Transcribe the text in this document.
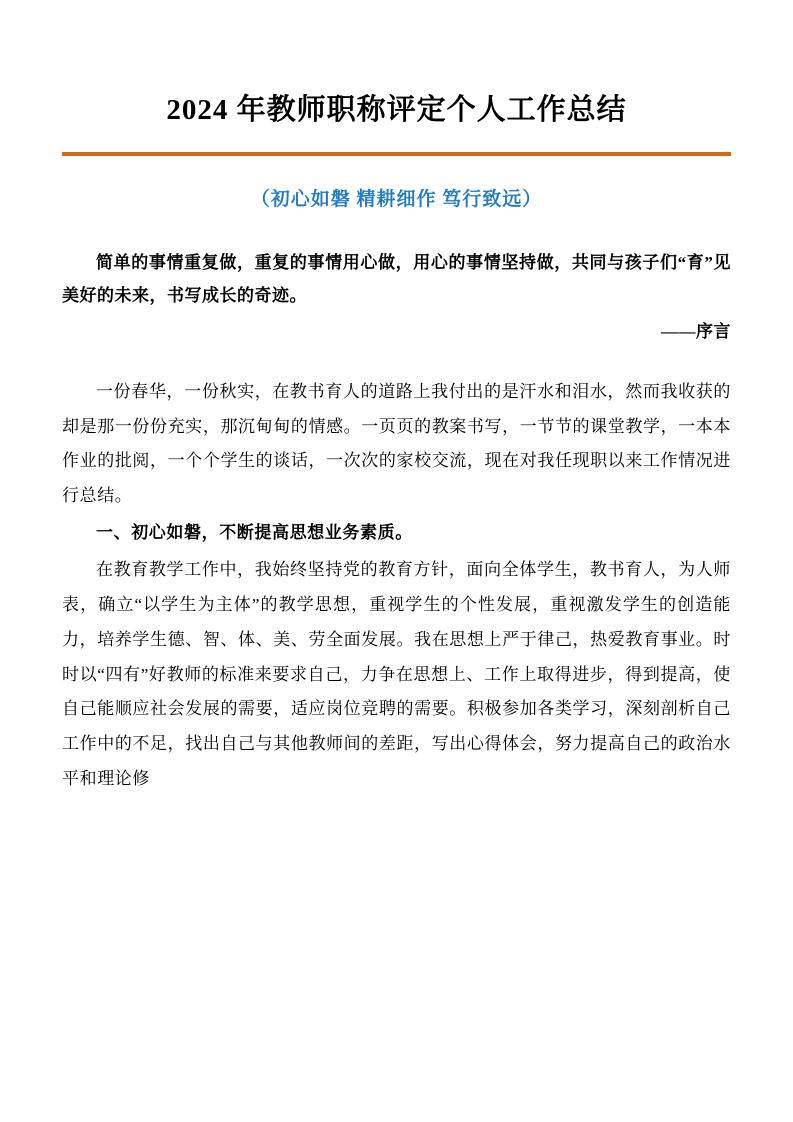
2024 年教师职称评定个人工作总结
（初心如磐 精耕细作 笃行致远）
简单的事情重复做，重复的事情用心做，用心的事情坚持做，共同与孩子们“育”见美好的未来，书写成长的奇迹。
——序言

一份春华，一份秋实，在教书育人的道路上我付出的是汗水和泪水，然而我收获的却是那一份份充实，那沉甸甸的情感。一页页的教案书写，一节节的课堂教学，一本本作业的批阅，一个个学生的谈话，一次次的家校交流，现在对我任现职以来工作情况进行总结。

一、初心如磐，不断提高思想业务素质。

在教育教学工作中，我始终坚持党的教育方针，面向全体学生，教书育人，为人师表，确立“以学生为主体”的教学思想，重视学生的个性发展，重视激发学生的创造能力，培养学生德、智、体、美、劳全面发展。我在思想上严于律己，热爱教育事业。时时以“四有”好教师的标准来要求自己，力争在思想上、工作上取得进步，得到提高，使自己能顺应社会发展的需要，适应岗位竞聘的需要。积极参加各类学习，深刻剖析自己工作中的不足，找出自己与其他教师间的差距，写出心得体会，努力提高自己的政治水平和理论修
